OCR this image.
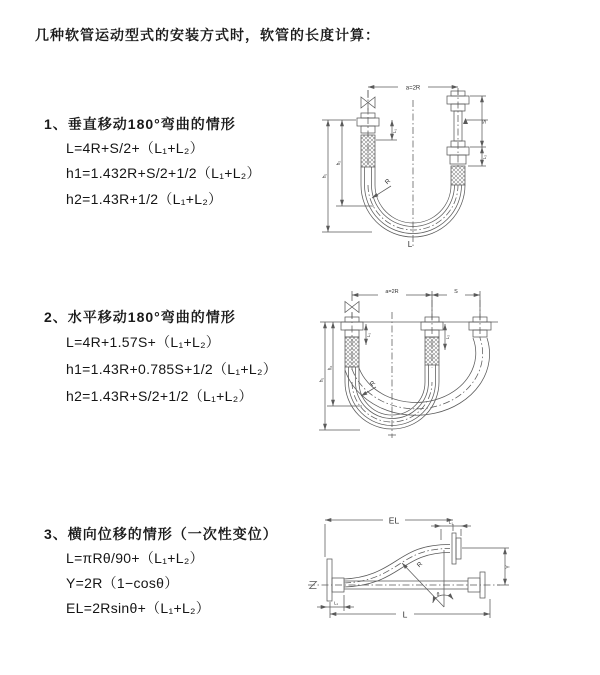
几种软管运动型式的安装方式时，软管的长度计算：
1、垂直移动180°弯曲的情形
L=4R+S/2+（L₁+L₂）
h1=1.432R+S/2+1/2（L₁+L₂）
h2=1.43R+1/2（L₁+L₂）
2、水平移动180°弯曲的情形
L=4R+1.57S+（L₁+L₂）
h1=1.43R+0.785S+1/2（L₁+L₂）
h2=1.43R+S/2+1/2（L₁+L₂）
3、横向位移的情形（一次性变位）
L=πRθ/90+（L₁+L₂）
Y=2R（1−cosθ）
EL=2Rsinθ+（L₁+L₂）
a=2R
L₁
S
L₂
h₁
h₂
R
L
a=2R	S
L₁	L₂
h₁
h₂
R
EL	L₁
Y
R
θ
L
L₁
